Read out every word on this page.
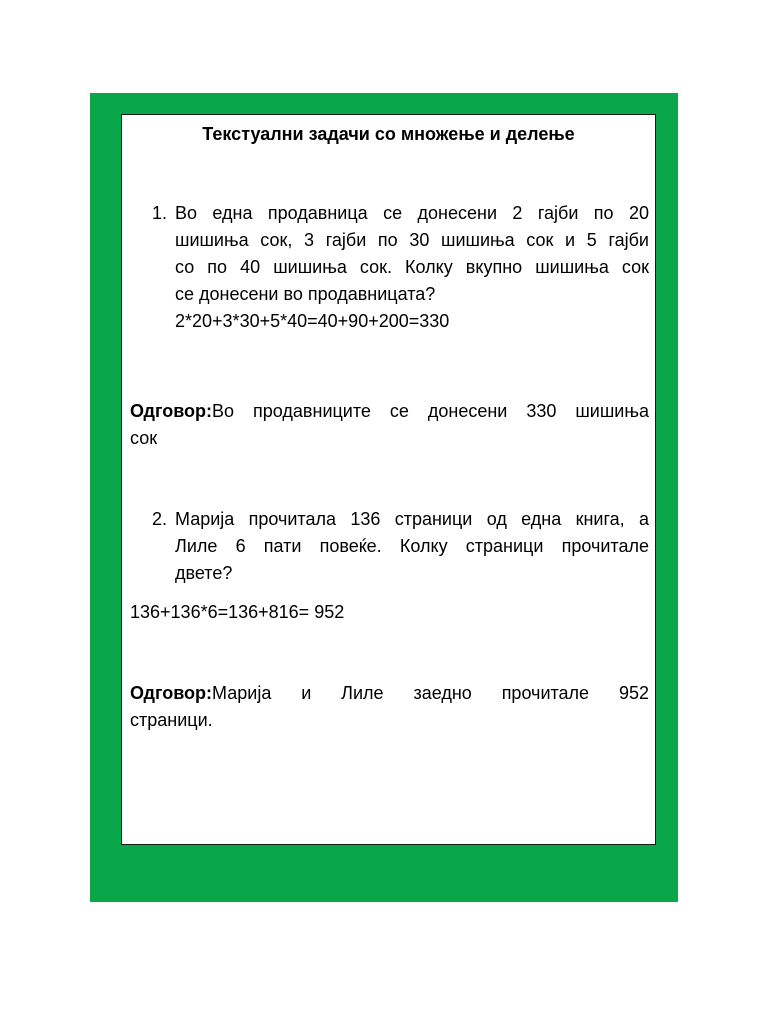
Текстуални задачи со множење и делење
1. Во една продавница се донесени 2 гајби по 20
шишиња сок, 3 гајби по 30 шишиња сок и 5 гајби
со по 40 шишиња сок. Колку вкупно шишиња сок
се донесени во продавницата?
2*20+3*30+5*40=40+90+200=330
Одговор:Во продавниците се донесени 330 шишиња
сок
2. Марија прочитала 136 страници од една книга, а
Лиле 6 пати повеќе. Колку страници прочитале
двете?
136+136*6=136+816= 952
Одговор:Марија и Лиле заедно прочитале 952
страници.
